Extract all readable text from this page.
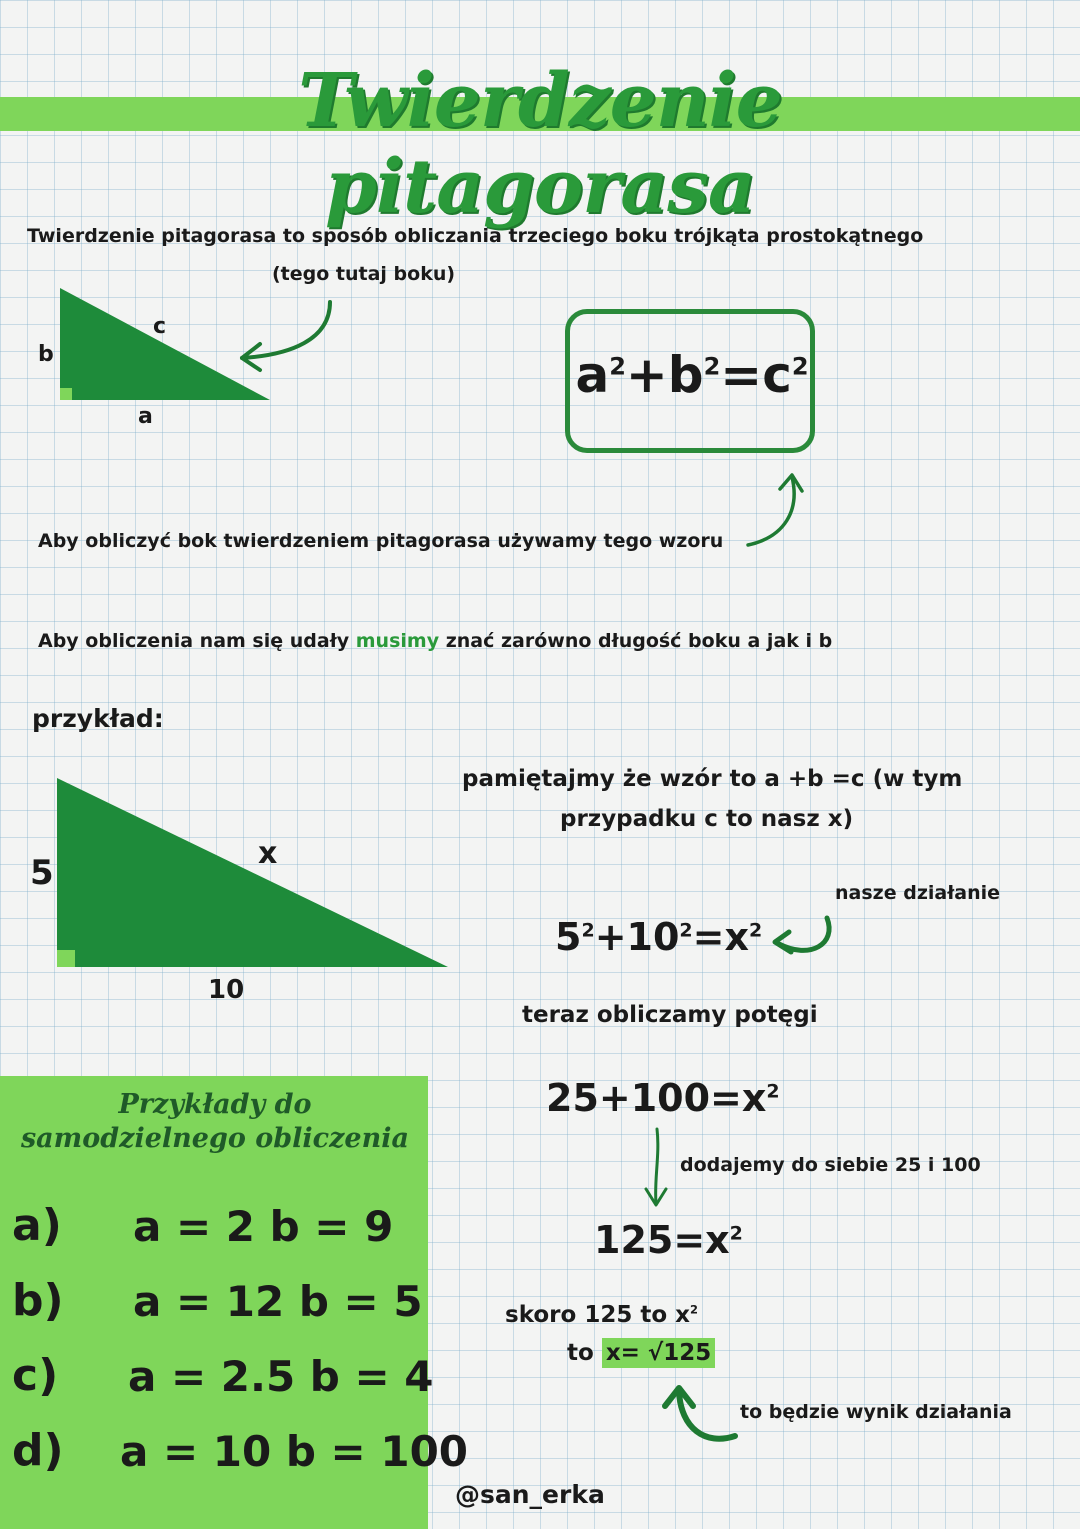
Twierdzenie pitagorasa
Twierdzenie pitagorasa to sposób obliczania trzeciego boku trójkąta prostokątnego
(tego tutaj boku)
b
c
a
$a^2+b^2=c^2$
Aby obliczyć bok twierdzeniem pitagorasa używamy tego wzoru
Aby obliczenia nam się udały musimy znać zarówno długość boku a jak i b
przykład:
5
10
x
pamiętajmy że wzór to a +b =c (w tym
przypadku c to nasz x)
nasze działanie
$5^2+10^2=x^2$
teraz obliczamy potęgi
$25+100=x^2$
dodajemy do siebie 25 i 100
$125=x^2$
skoro 125 to $x^2$
to x= √125
to będzie wynik działania
@san_erka
Przykłady do
samodzielnego obliczenia
a) a = 2 b = 9
b) a = 12 b = 5
c) a = 2.5 b = 4
d) a = 10 b = 100
